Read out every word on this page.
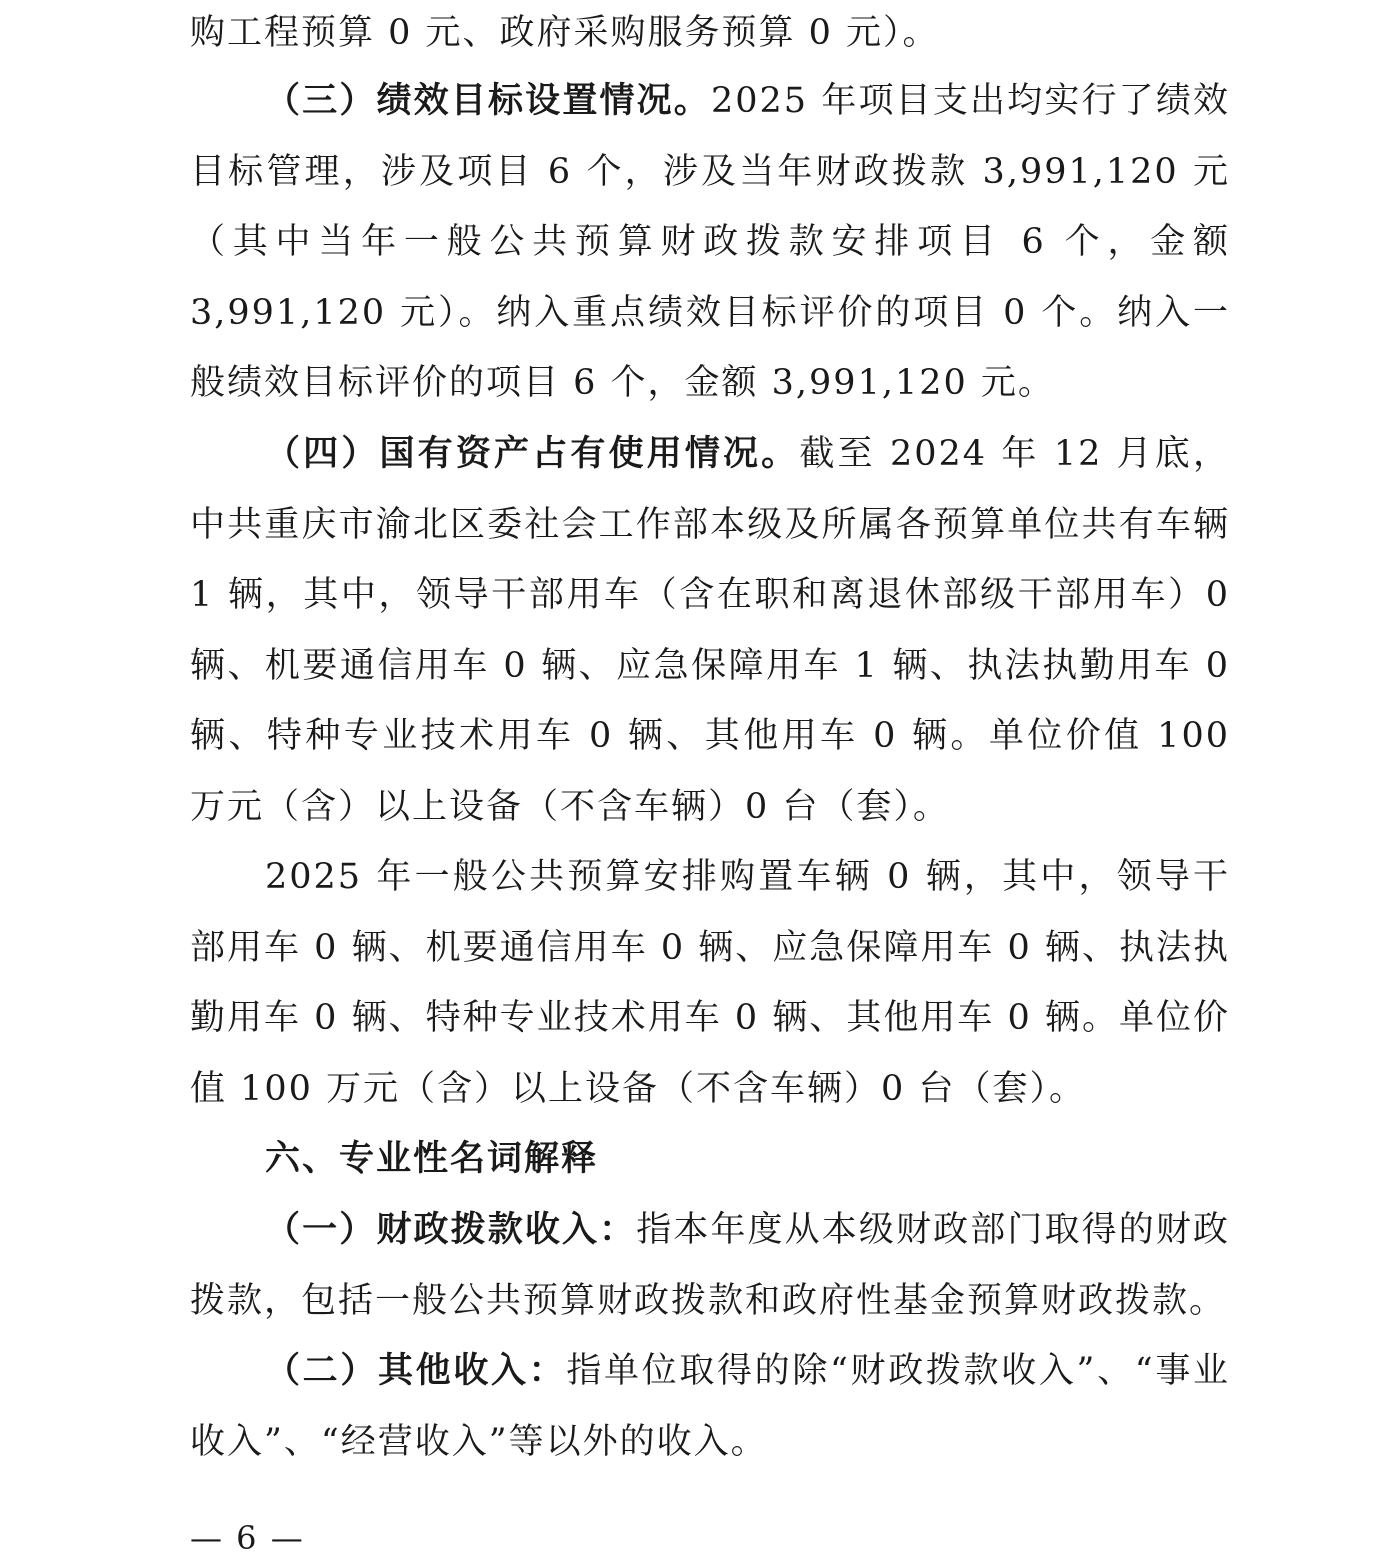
购工程预算 0 元、政府采购服务预算 0 元）。

（三）绩效目标设置情况。2025 年项目支出均实行了绩效目标管理，涉及项目 6 个，涉及当年财政拨款 3,991,120 元（其中当年一般公共预算财政拨款安排项目 6 个，金额 3,991,120 元）。纳入重点绩效目标评价的项目 0 个。纳入一般绩效目标评价的项目 6 个，金额 3,991,120 元。

（四）国有资产占有使用情况。截至 2024 年 12 月底，中共重庆市渝北区委社会工作部本级及所属各预算单位共有车辆 1 辆，其中，领导干部用车（含在职和离退休部级干部用车）0 辆、机要通信用车 0 辆、应急保障用车 1 辆、执法执勤用车 0 辆、特种专业技术用车 0 辆、其他用车 0 辆。单位价值 100 万元（含）以上设备（不含车辆）0 台（套）。

2025 年一般公共预算安排购置车辆 0 辆，其中，领导干部用车 0 辆、机要通信用车 0 辆、应急保障用车 0 辆、执法执勤用车 0 辆、特种专业技术用车 0 辆、其他用车 0 辆。单位价值 100 万元（含）以上设备（不含车辆）0 台（套）。

六、专业性名词解释

（一）财政拨款收入：指本年度从本级财政部门取得的财政拨款，包括一般公共预算财政拨款和政府性基金预算财政拨款。

（二）其他收入：指单位取得的除“财政拨款收入”、“事业收入”、“经营收入”等以外的收入。

— 6 —
